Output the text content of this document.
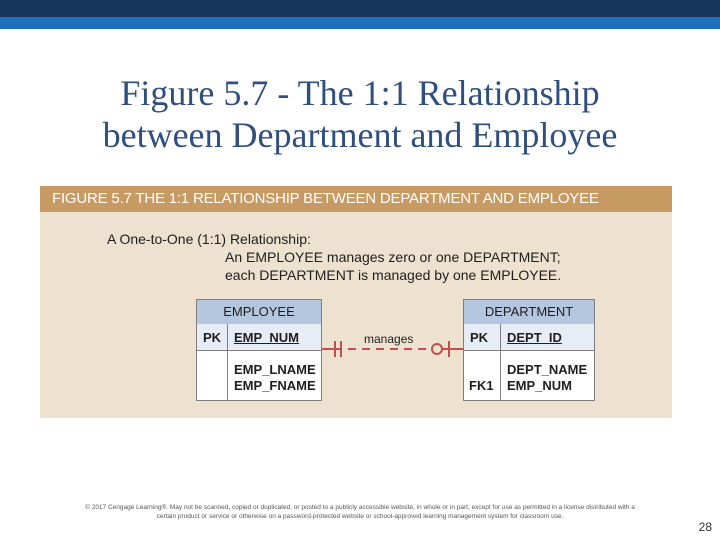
Figure 5.7 - The 1:1 Relationship
between Department and Employee
FIGURE 5.7 THE 1:1 RELATIONSHIP BETWEEN DEPARTMENT AND EMPLOYEE
A One-to-One (1:1) Relationship:
An EMPLOYEE manages zero or one DEPARTMENT;
each DEPARTMENT is managed by one EMPLOYEE.
EMPLOYEE
PK EMP_NUM
EMP_LNAME
EMP_FNAME
DEPARTMENT
PK DEPT_ID
DEPT_NAME
FK1 EMP_NUM
manages
© 2017 Cengage Learning®. May not be scanned, copied or duplicated, or posted to a publicly accessible website, in whole or in part, except for use as permitted in a license distributed with a
certain product or service or otherwise on a password-protected website or school-approved learning management system for classroom use.
28
